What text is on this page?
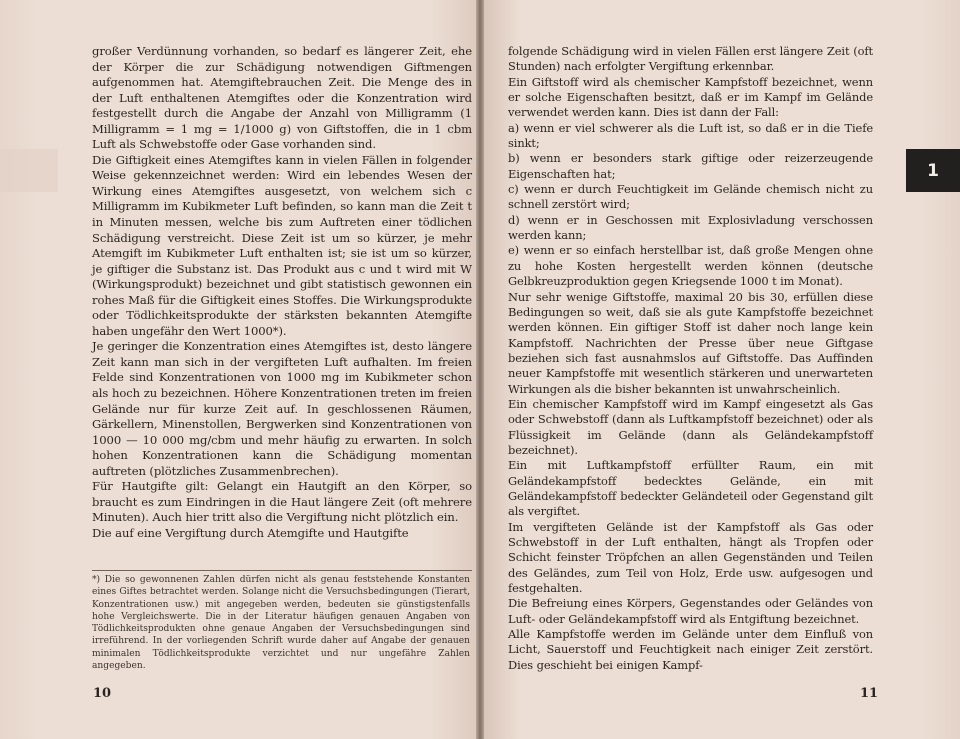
großer Verdünnung vorhanden, so bedarf es längerer Zeit, ehe der Körper die zur Schädigung notwendigen Giftmengen aufgenommen hat. Atemgiftebrauchen Zeit. Die Menge des in der Luft enthaltenen Atemgiftes oder die Konzentration wird festgestellt durch die Angabe der Anzahl von Milligramm (1 Milligramm = 1 mg = 1/1000 g) von Giftstoffen, die in 1 cbm Luft als Schwebstoffe oder Gase vorhanden sind.
Die Giftigkeit eines Atemgiftes kann in vielen Fällen in folgender Weise gekennzeichnet werden: Wird ein lebendes Wesen der Wirkung eines Atemgiftes ausgesetzt, von welchem sich c Milligramm im Kubikmeter Luft befinden, so kann man die Zeit t in Minuten messen, welche bis zum Auftreten einer tödlichen Schädigung verstreicht. Diese Zeit ist um so kürzer, je mehr Atemgift im Kubikmeter Luft enthalten ist; sie ist um so kürzer, je giftiger die Substanz ist. Das Produkt aus c und t wird mit W (Wirkungsprodukt) bezeichnet und gibt statistisch gewonnen ein rohes Maß für die Giftigkeit eines Stoffes. Die Wirkungsprodukte oder Tödlichkeitsprodukte der stärksten bekannten Atemgifte haben ungefähr den Wert 1000*).
Je geringer die Konzentration eines Atemgiftes ist, desto längere Zeit kann man sich in der vergifteten Luft aufhalten. Im freien Felde sind Konzentrationen von 1000 mg im Kubikmeter schon als hoch zu bezeichnen. Höhere Konzentrationen treten im freien Gelände nur für kurze Zeit auf. In geschlossenen Räumen, Gärkellern, Minenstollen, Bergwerken sind Konzentrationen von 1000 — 10 000 mg/cbm und mehr häufig zu erwarten. In solch hohen Konzentrationen kann die Schädigung momentan auftreten (plötzliches Zusammenbrechen).
Für Hautgifte gilt: Gelangt ein Hautgift an den Körper, so braucht es zum Eindringen in die Haut längere Zeit (oft mehrere Minuten). Auch hier tritt also die Vergiftung nicht plötzlich ein.
Die auf eine Vergiftung durch Atemgifte und Hautgifte
*) Die so gewonnenen Zahlen dürfen nicht als genau feststehende Konstanten eines Giftes betrachtet werden. Solange nicht die Versuchsbedingungen (Tierart, Konzentrationen usw.) mit angegeben werden, bedeuten sie günstigstenfalls hohe Vergleichswerte. Die in der Literatur häufigen genauen Angaben von Tödlichkeitsprodukten ohne genaue Angaben der Versuchsbedingungen sind irreführend. In der vorliegenden Schrift wurde daher auf Angabe der genauen minimalen Tödlichkeitsprodukte verzichtet und nur ungefähre Zahlen angegeben.
10
folgende Schädigung wird in vielen Fällen erst längere Zeit (oft Stunden) nach erfolgter Vergiftung erkennbar.
Ein Giftstoff wird als chemischer Kampfstoff bezeichnet, wenn er solche Eigenschaften besitzt, daß er im Kampf im Gelände verwendet werden kann. Dies ist dann der Fall:
a) wenn er viel schwerer als die Luft ist, so daß er in die Tiefe sinkt;
b) wenn er besonders stark giftige oder reizerzeugende Eigenschaften hat;
c) wenn er durch Feuchtigkeit im Gelände chemisch nicht zu schnell zerstört wird;
d) wenn er in Geschossen mit Explosivladung verschossen werden kann;
e) wenn er so einfach herstellbar ist, daß große Mengen ohne zu hohe Kosten hergestellt werden können (deutsche Gelbkreuzproduktion gegen Kriegsende 1000 t im Monat).
Nur sehr wenige Giftstoffe, maximal 20 bis 30, erfüllen diese Bedingungen so weit, daß sie als gute Kampfstoffe bezeichnet werden können. Ein giftiger Stoff ist daher noch lange kein Kampfstoff. Nachrichten der Presse über neue Giftgase beziehen sich fast ausnahmslos auf Giftstoffe. Das Auffinden neuer Kampfstoffe mit wesentlich stärkeren und unerwarteten Wirkungen als die bisher bekannten ist unwahrscheinlich.
Ein chemischer Kampfstoff wird im Kampf eingesetzt als Gas oder Schwebstoff (dann als Luftkampfstoff bezeichnet) oder als Flüssigkeit im Gelände (dann als Geländekampfstoff bezeichnet).
Ein mit Luftkampfstoff erfüllter Raum, ein mit Geländekampfstoff bedecktes Gelände, ein mit Geländekampfstoff bedeckter Geländeteil oder Gegenstand gilt als vergiftet.
Im vergifteten Gelände ist der Kampfstoff als Gas oder Schwebstoff in der Luft enthalten, hängt als Tropfen oder Schicht feinster Tröpfchen an allen Gegenständen und Teilen des Geländes, zum Teil von Holz, Erde usw. aufgesogen und festgehalten.
Die Befreiung eines Körpers, Gegenstandes oder Geländes von Luft- oder Geländekampfstoff wird als Entgiftung bezeichnet.
Alle Kampfstoffe werden im Gelände unter dem Einfluß von Licht, Sauerstoff und Feuchtigkeit nach einiger Zeit zerstört. Dies geschieht bei einigen Kampf-
11
1
